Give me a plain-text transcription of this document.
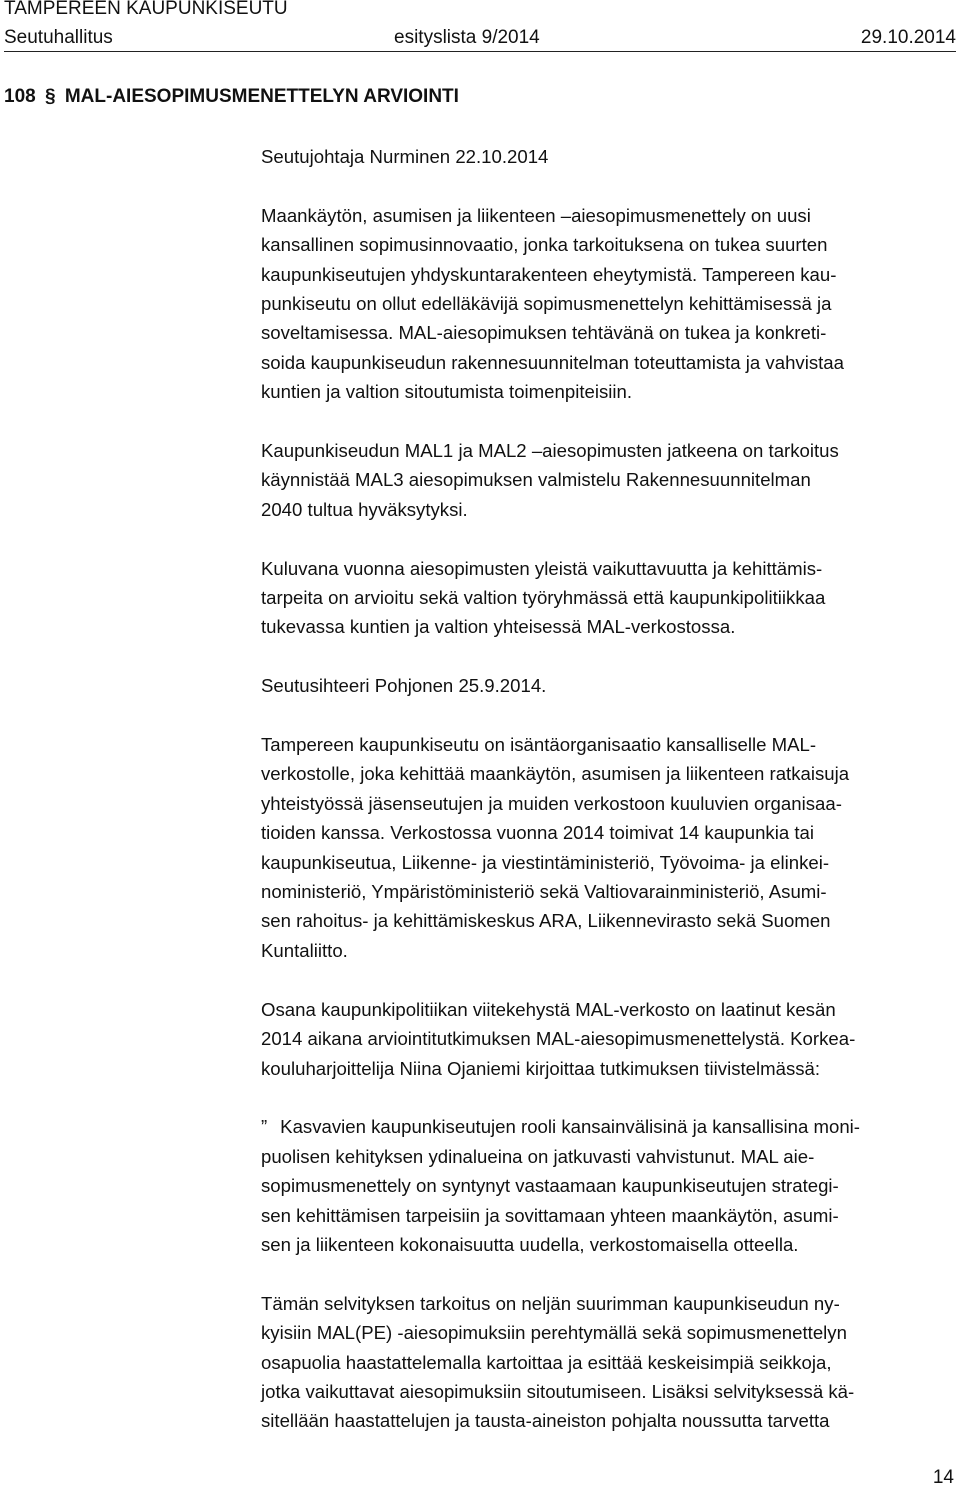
TAMPEREEN KAUPUNKISEUTU
Seutuhallitus	esityslista 9/2014	29.10.2014
108 § MAL-AIESOPIMUSMENETTELYN ARVIOINTI

Seutujohtaja Nurminen 22.10.2014

Maankäytön, asumisen ja liikenteen –aiesopimusmenettely on uusi

kansallinen sopimusinnovaatio, jonka tarkoituksena on tukea suurten

kaupunkiseutujen yhdyskuntarakenteen eheytymistä. Tampereen kau-

punkiseutu on ollut edelläkävijä sopimusmenettelyn kehittämisessä ja

soveltamisessa. MAL-aiesopimuksen tehtävänä on tukea ja konkreti-

soida kaupunkiseudun rakennesuunnitelman toteuttamista ja vahvistaa

kuntien ja valtion sitoutumista toimenpiteisiin.

Kaupunkiseudun MAL1 ja MAL2 –aiesopimusten jatkeena on tarkoitus

käynnistää MAL3 aiesopimuksen valmistelu Rakennesuunnitelman

2040 tultua hyväksytyksi.

Kuluvana vuonna aiesopimusten yleistä vaikuttavuutta ja kehittämis-

tarpeita on arvioitu sekä valtion työryhmässä että kaupunkipolitiikkaa

tukevassa kuntien ja valtion yhteisessä MAL-verkostossa.

Seutusihteeri Pohjonen 25.9.2014.

Tampereen kaupunkiseutu on isäntäorganisaatio kansalliselle MAL-

verkostolle, joka kehittää maankäytön, asumisen ja liikenteen ratkaisuja

yhteistyössä jäsenseutujen ja muiden verkostoon kuuluvien organisaa-

tioiden kanssa. Verkostossa vuonna 2014 toimivat 14 kaupunkia tai

kaupunkiseutua, Liikenne- ja viestintäministeriö, Työvoima- ja elinkei-

noministeriö, Ympäristöministeriö sekä Valtiovarainministeriö, Asumi-

sen rahoitus- ja kehittämiskeskus ARA, Liikennevirasto sekä Suomen

Kuntaliitto.

Osana kaupunkipolitiikan viitekehystä MAL-verkosto on laatinut kesän

2014 aikana arviointitutkimuksen MAL-aiesopimusmenettelystä. Korkea-

kouluharjoittelija Niina Ojaniemi kirjoittaa tutkimuksen tiivistelmässä:

” Kasvavien kaupunkiseutujen rooli kansainvälisinä ja kansallisina moni-

puolisen kehityksen ydinalueina on jatkuvasti vahvistunut. MAL aie-

sopimusmenettely on syntynyt vastaamaan kaupunkiseutujen strategi-

sen kehittämisen tarpeisiin ja sovittamaan yhteen maankäytön, asumi-

sen ja liikenteen kokonaisuutta uudella, verkostomaisella otteella.

Tämän selvityksen tarkoitus on neljän suurimman kaupunkiseudun ny-

kyisiin MAL(PE) -aiesopimuksiin perehtymällä sekä sopimusmenettelyn

osapuolia haastattelemalla kartoittaa ja esittää keskeisimpiä seikkoja,

jotka vaikuttavat aiesopimuksiin sitoutumiseen. Lisäksi selvityksessä kä-

sitellään haastattelujen ja tausta-aineiston pohjalta noussutta tarvetta

14
